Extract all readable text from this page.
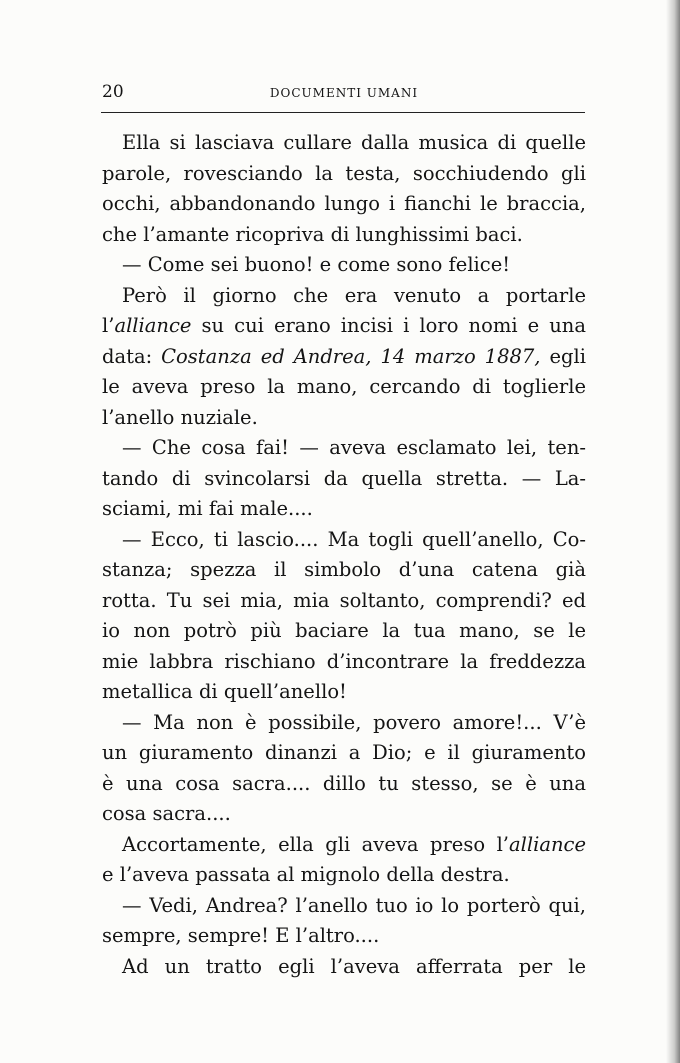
20	DOCUMENTI UMANI
Ella si lasciava cullare dalla musica di quelle
parole, rovesciando la testa, socchiudendo gli
occhi, abbandonando lungo i fianchi le braccia,
che l’amante ricopriva di lunghissimi baci.
— Come sei buono! e come sono felice!
Però il giorno che era venuto a portarle
l’alliance su cui erano incisi i loro nomi e una
data: Costanza ed Andrea, 14 marzo 1887, egli
le aveva preso la mano, cercando di toglierle
l’anello nuziale.
— Che cosa fai! — aveva esclamato lei, ten-
tando di svincolarsi da quella stretta. — La-
sciami, mi fai male....
— Ecco, ti lascio.... Ma togli quell’anello, Co-
stanza; spezza il simbolo d’una catena già
rotta. Tu sei mia, mia soltanto, comprendi? ed
io non potrò più baciare la tua mano, se le
mie labbra rischiano d’incontrare la freddezza
metallica di quell’anello!
— Ma non è possibile, povero amore!... V’è
un giuramento dinanzi a Dio; e il giuramento
è una cosa sacra.... dillo tu stesso, se è una
cosa sacra....
Accortamente, ella gli aveva preso l’alliance
e l’aveva passata al mignolo della destra.
— Vedi, Andrea? l’anello tuo io lo porterò qui,
sempre, sempre! E l’altro....
Ad un tratto egli l’aveva afferrata per le
